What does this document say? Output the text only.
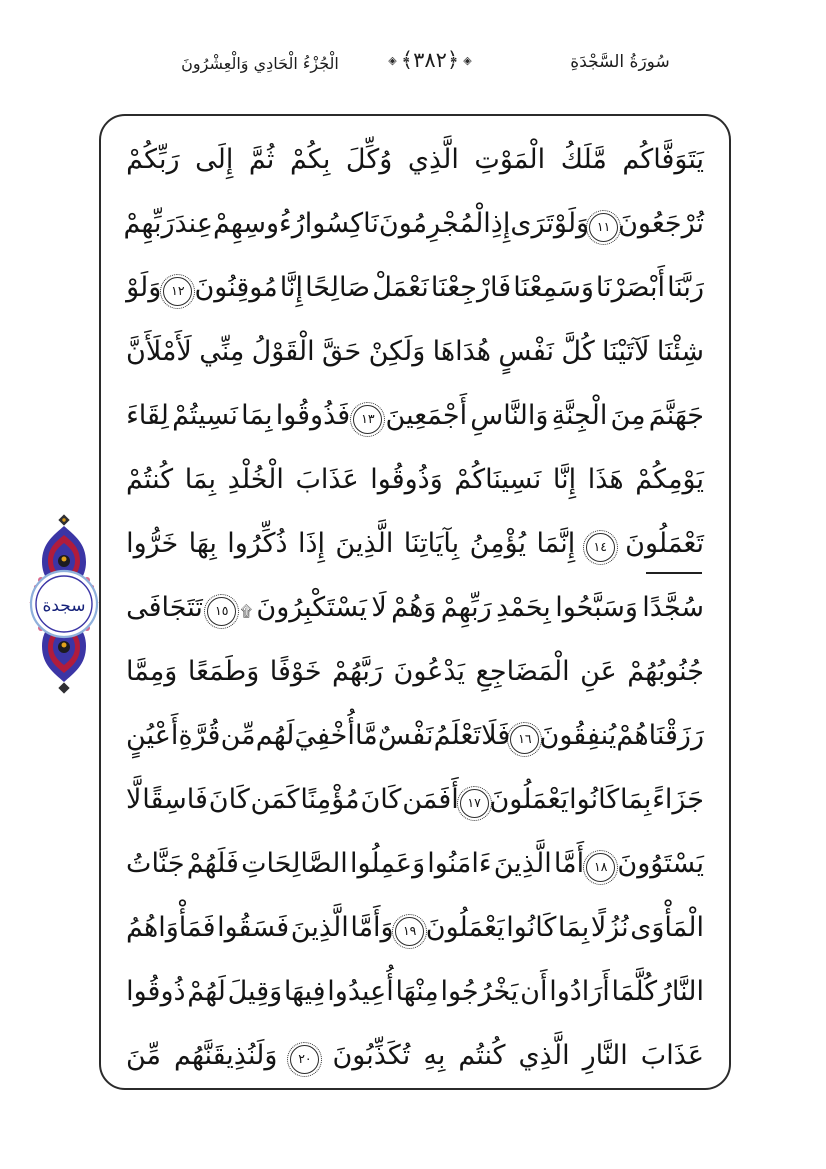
الْجُزْءُ الْحَادِي وَالْعِشْرُونَ	◈
﴿٣٨٢﴾
◈	سُورَةُ السَّجْدَةِ
يَتَوَفَّاكُم
مَّلَكُ
الْمَوْتِ
الَّذِي
وُكِّلَ
بِكُمْ
ثُمَّ
إِلَى
رَبِّكُمْ
تُرْجَعُونَ
١١
وَلَوْ
تَرَى
إِذِ
الْمُجْرِمُونَ
نَاكِسُوا
رُءُوسِهِمْ
عِندَ
رَبِّهِمْ
رَبَّنَا
أَبْصَرْنَا
وَسَمِعْنَا
فَارْجِعْنَا
نَعْمَلْ
صَالِحًا
إِنَّا
مُوقِنُونَ
١٢
وَلَوْ
شِئْنَا
لَآتَيْنَا
كُلَّ
نَفْسٍ
هُدَاهَا
وَلَكِنْ
حَقَّ
الْقَوْلُ
مِنِّي
لَأَمْلَأَنَّ
جَهَنَّمَ
مِنَ
الْجِنَّةِ
وَالنَّاسِ
أَجْمَعِينَ
١٣
فَذُوقُوا
بِمَا
نَسِيتُمْ
لِقَاءَ
يَوْمِكُمْ
هَذَا
إِنَّا
نَسِينَاكُمْ
وَذُوقُوا
عَذَابَ
الْخُلْدِ
بِمَا
كُنتُمْ
تَعْمَلُونَ
١٤
إِنَّمَا
يُؤْمِنُ
بِآيَاتِنَا
الَّذِينَ
إِذَا
ذُكِّرُوا
بِهَا
خَرُّوا
سُجَّدًا
وَسَبَّحُوا
بِحَمْدِ
رَبِّهِمْ
وَهُمْ
لَا
يَسْتَكْبِرُونَ
۩
١٥
تَتَجَافَى
جُنُوبُهُمْ
عَنِ
الْمَضَاجِعِ
يَدْعُونَ
رَبَّهُمْ
خَوْفًا
وَطَمَعًا
وَمِمَّا
رَزَقْنَاهُمْ
يُنفِقُونَ
١٦
فَلَا
تَعْلَمُ
نَفْسٌ
مَّا
أُخْفِيَ
لَهُم
مِّن
قُرَّةِ
أَعْيُنٍ
جَزَاءً
بِمَا
كَانُوا
يَعْمَلُونَ
١٧
أَفَمَن
كَانَ
مُؤْمِنًا
كَمَن
كَانَ
فَاسِقًا
لَّا
يَسْتَوُونَ
١٨
أَمَّا
الَّذِينَ
ءَامَنُوا
وَعَمِلُوا
الصَّالِحَاتِ
فَلَهُمْ
جَنَّاتُ
الْمَأْوَى
نُزُلًا
بِمَا
كَانُوا
يَعْمَلُونَ
١٩
وَأَمَّا
الَّذِينَ
فَسَقُوا
فَمَأْوَاهُمُ
النَّارُ
كُلَّمَا
أَرَادُوا
أَن
يَخْرُجُوا
مِنْهَا
أُعِيدُوا
فِيهَا
وَقِيلَ
لَهُمْ
ذُوقُوا
عَذَابَ
النَّارِ
الَّذِي
كُنتُم
بِهِ
تُكَذِّبُونَ
٢٠
وَلَنُذِيقَنَّهُم
مِّنَ
سجدة
